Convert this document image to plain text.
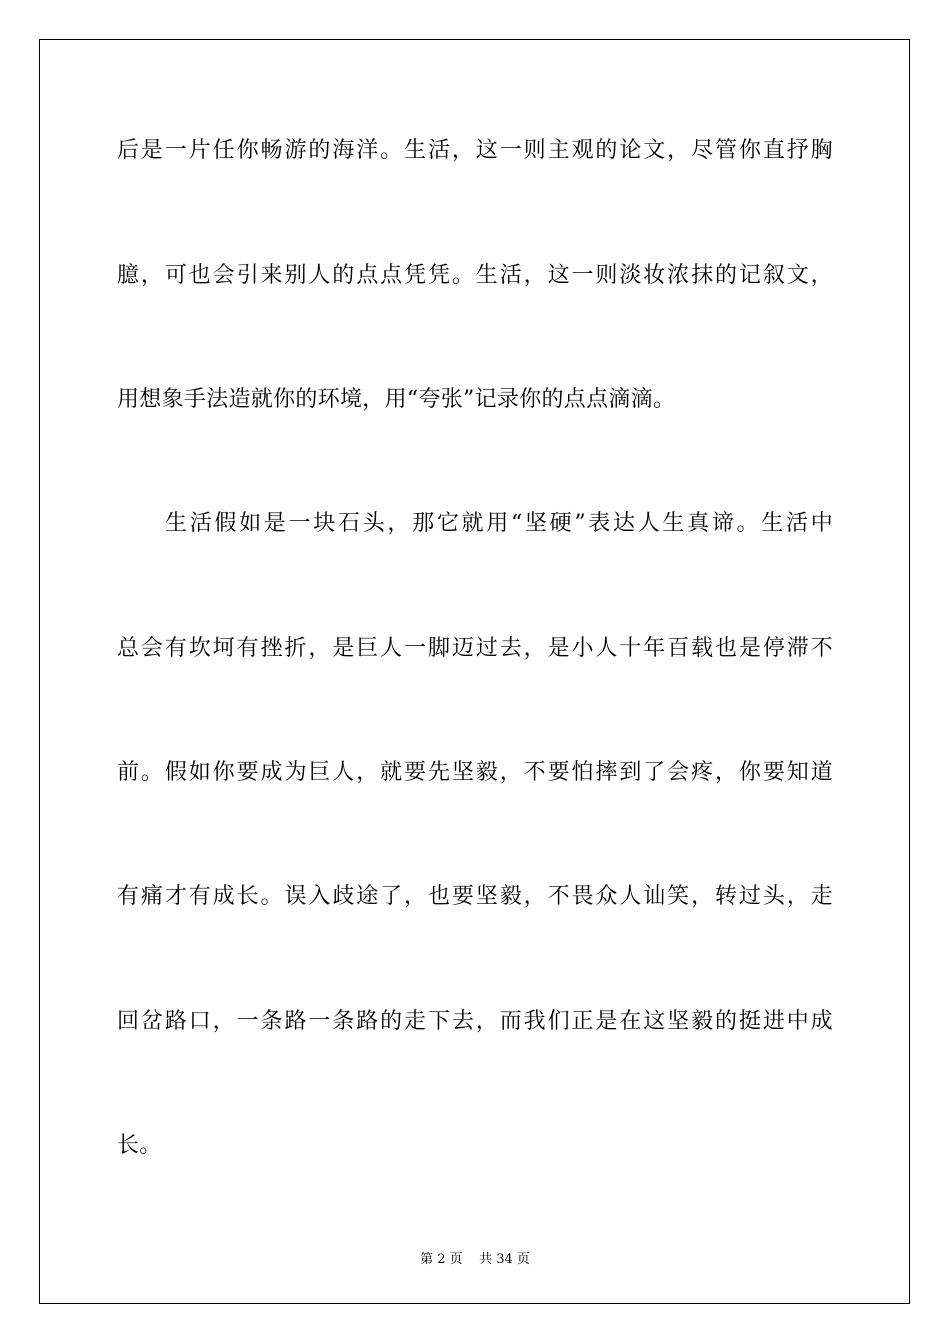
后是一片任你畅游的海洋。生活，这一则主观的论文，尽管你直抒胸
臆，可也会引来别人的点点凭凭。生活，这一则淡妆浓抹的记叙文，
用想象手法造就你的环境，用“夸张”记录你的点点滴滴。
生活假如是一块石头，那它就用“坚硬”表达人生真谛。生活中
总会有坎坷有挫折，是巨人一脚迈过去，是小人十年百载也是停滞不
前。假如你要成为巨人，就要先坚毅，不要怕摔到了会疼，你要知道
有痛才有成长。误入歧途了，也要坚毅，不畏众人讪笑，转过头，走
回岔路口，一条路一条路的走下去，而我们正是在这坚毅的挺进中成
长。
第 2 页    共 34 页
